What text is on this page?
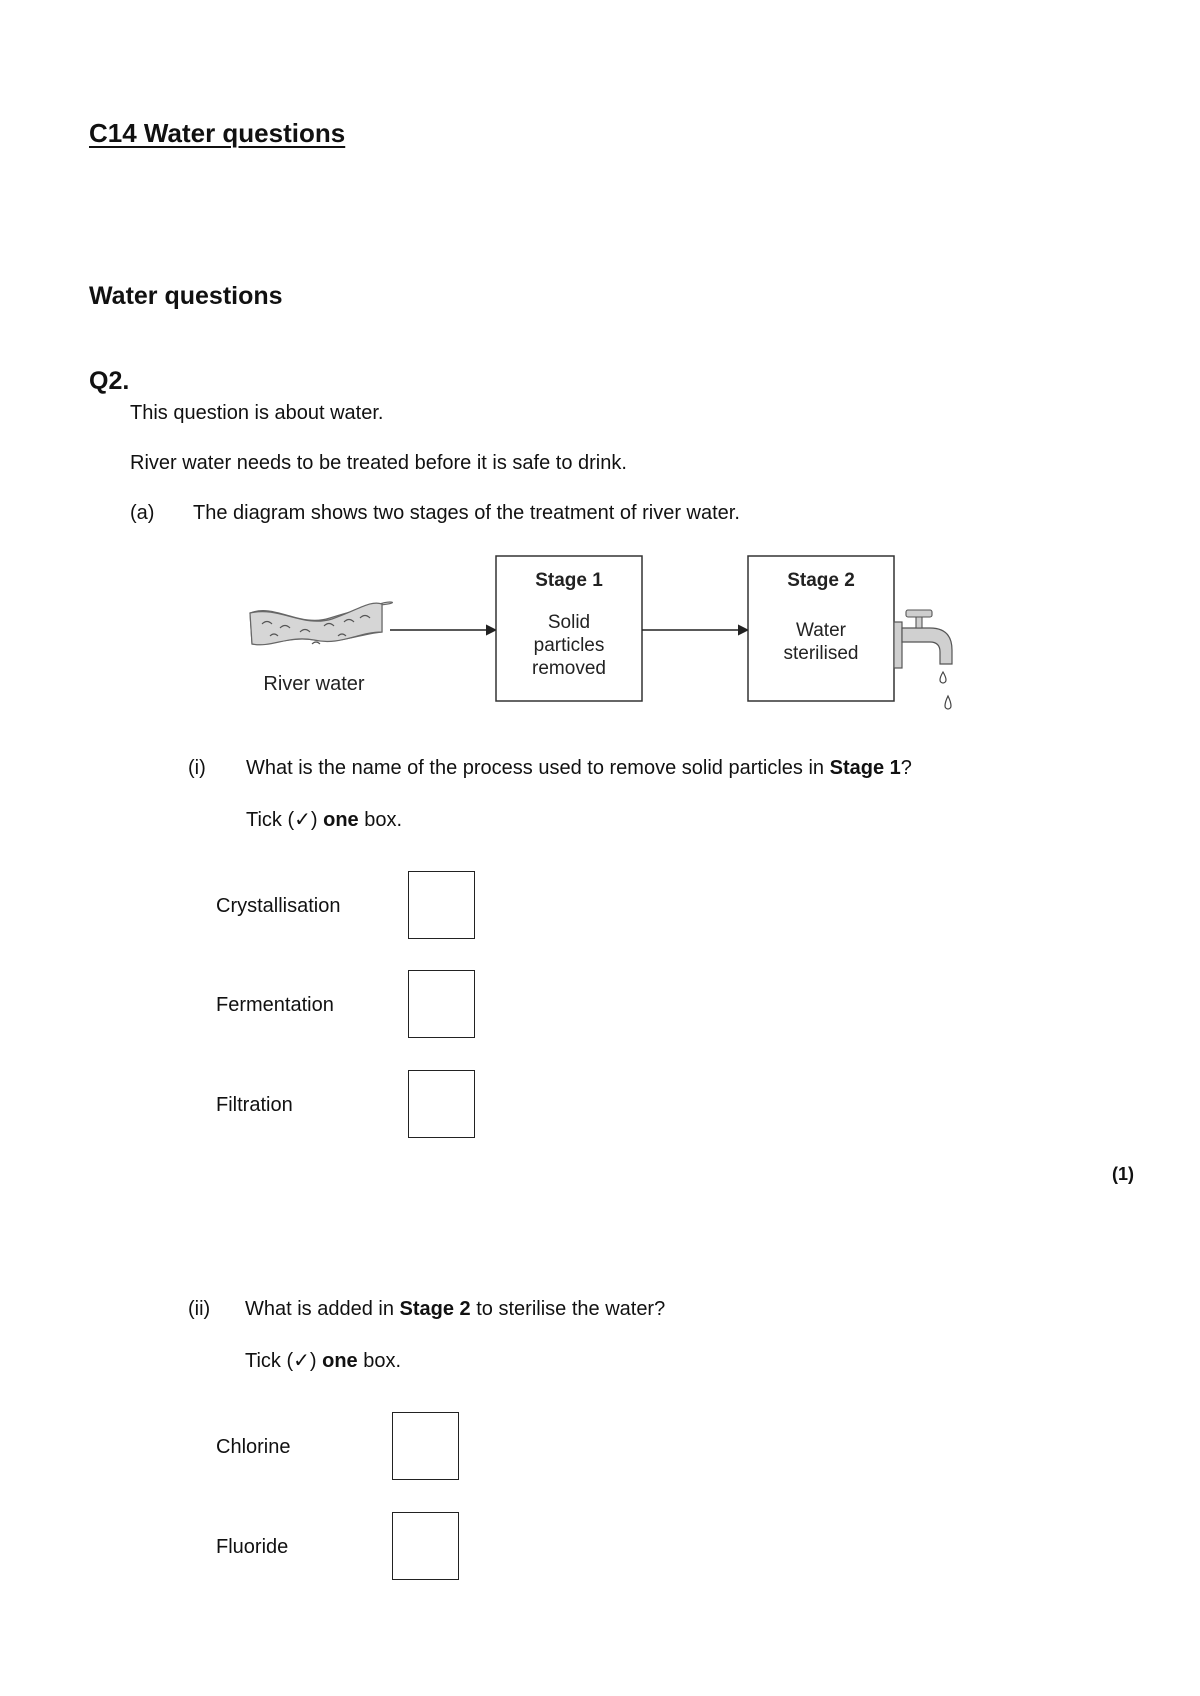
C14 Water questions
Water questions
Q2.
This question is about water.
River water needs to be treated before it is safe to drink.
(a) The diagram shows two stages of the treatment of river water.
River water
Stage 1
Solid
particles
removed
Stage 2
Water
sterilised
(i) What is the name of the process used to remove solid particles in Stage 1?
Tick (✓) one box.
Crystallisation
Fermentation
Filtration
(1)
(ii) What is added in Stage 2 to sterilise the water?
Tick (✓) one box.
Chlorine
Fluoride
